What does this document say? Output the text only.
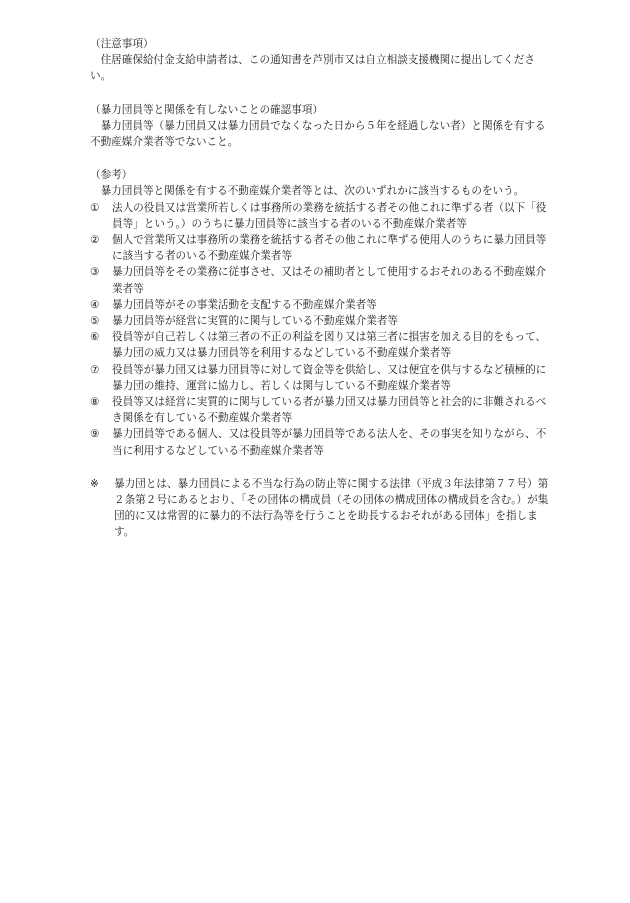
（注意事項）

住居確保給付金支給申請者は、この通知書を芦別市又は自立相談支援機関に提出してください。

（暴力団員等と関係を有しないことの確認事項）

暴力団員等（暴力団員又は暴力団員でなくなった日から５年を経過しない者）と関係を有する不動産媒介業者等でないこと。

（参考）

暴力団員等と関係を有する不動産媒介業者等とは、次のいずれかに該当するものをいう。

①	法人の役員又は営業所若しくは事務所の業務を統括する者その他これに準ずる者（以下「役員等」という。）のうちに暴力団員等に該当する者のいる不動産媒介業者等
②	個人で営業所又は事務所の業務を統括する者その他これに準ずる使用人のうちに暴力団員等に該当する者のいる不動産媒介業者等
③	暴力団員等をその業務に従事させ、又はその補助者として使用するおそれのある不動産媒介業者等
④	暴力団員等がその事業活動を支配する不動産媒介業者等
⑤	暴力団員等が経営に実質的に関与している不動産媒介業者等
⑥	役員等が自己若しくは第三者の不正の利益を図り又は第三者に損害を加える目的をもって、暴力団の威力又は暴力団員等を利用するなどしている不動産媒介業者等
⑦	役員等が暴力団又は暴力団員等に対して資金等を供給し、又は便宜を供与するなど積極的に暴力団の維持、運営に協力し、若しくは関与している不動産媒介業者等
⑧	役員等又は経営に実質的に関与している者が暴力団又は暴力団員等と社会的に非難されるべき関係を有している不動産媒介業者等
⑨	暴力団員等である個人、又は役員等が暴力団員等である法人を、その事実を知りながら、不当に利用するなどしている不動産媒介業者等
※	暴力団とは、暴力団員による不当な行為の防止等に関する法律（平成３年法律第７７号）第２条第２号にあるとおり、「その団体の構成員（その団体の構成団体の構成員を含む。）が集団的に又は常習的に暴力的不法行為等を行うことを助長するおそれがある団体」を指します。
